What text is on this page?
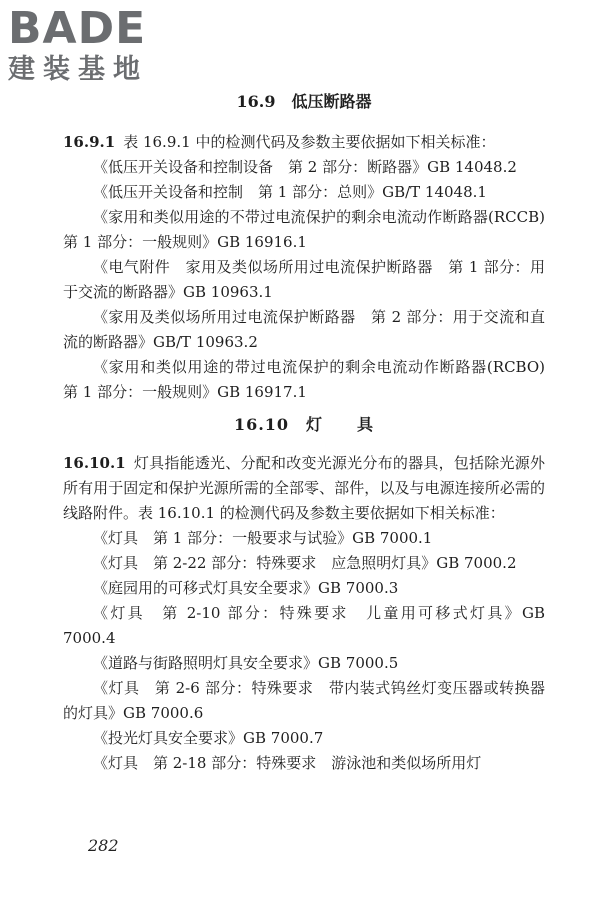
BADE
建装基地

16.9　低压断路器

16.9.1 表 16.9.1 中的检测代码及参数主要依据如下相关标准：

《低压开关设备和控制设备　第 2 部分：断路器》GB 14048.2

《低压开关设备和控制　第 1 部分：总则》GB/T 14048.1

《家用和类似用途的不带过电流保护的剩余电流动作断路器(RCCB) 第 1 部分：一般规则》GB 16916.1

《电气附件　家用及类似场所用过电流保护断路器　第 1 部分：用于交流的断路器》GB 10963.1

《家用及类似场所用过电流保护断路器　第 2 部分：用于交流和直流的断路器》GB/T 10963.2

《家用和类似用途的带过电流保护的剩余电流动作断路器(RCBO)　第 1 部分：一般规则》GB 16917.1

16.10　灯　　具

16.10.1 灯具指能透光、分配和改变光源光分布的器具，包括除光源外所有用于固定和保护光源所需的全部零、部件，以及与电源连接所必需的线路附件。表 16.10.1 的检测代码及参数主要依据如下相关标准：

《灯具　第 1 部分：一般要求与试验》GB 7000.1

《灯具　第 2-22 部分：特殊要求　应急照明灯具》GB 7000.2

《庭园用的可移式灯具安全要求》GB 7000.3

《灯具　第 2-10 部分：特殊要求　儿童用可移式灯具》GB 7000.4

《道路与街路照明灯具安全要求》GB 7000.5

《灯具　第 2-6 部分：特殊要求　带内装式钨丝灯变压器或转换器的灯具》GB 7000.6

《投光灯具安全要求》GB 7000.7

《灯具　第 2-18 部分：特殊要求　游泳池和类似场所用灯

282
